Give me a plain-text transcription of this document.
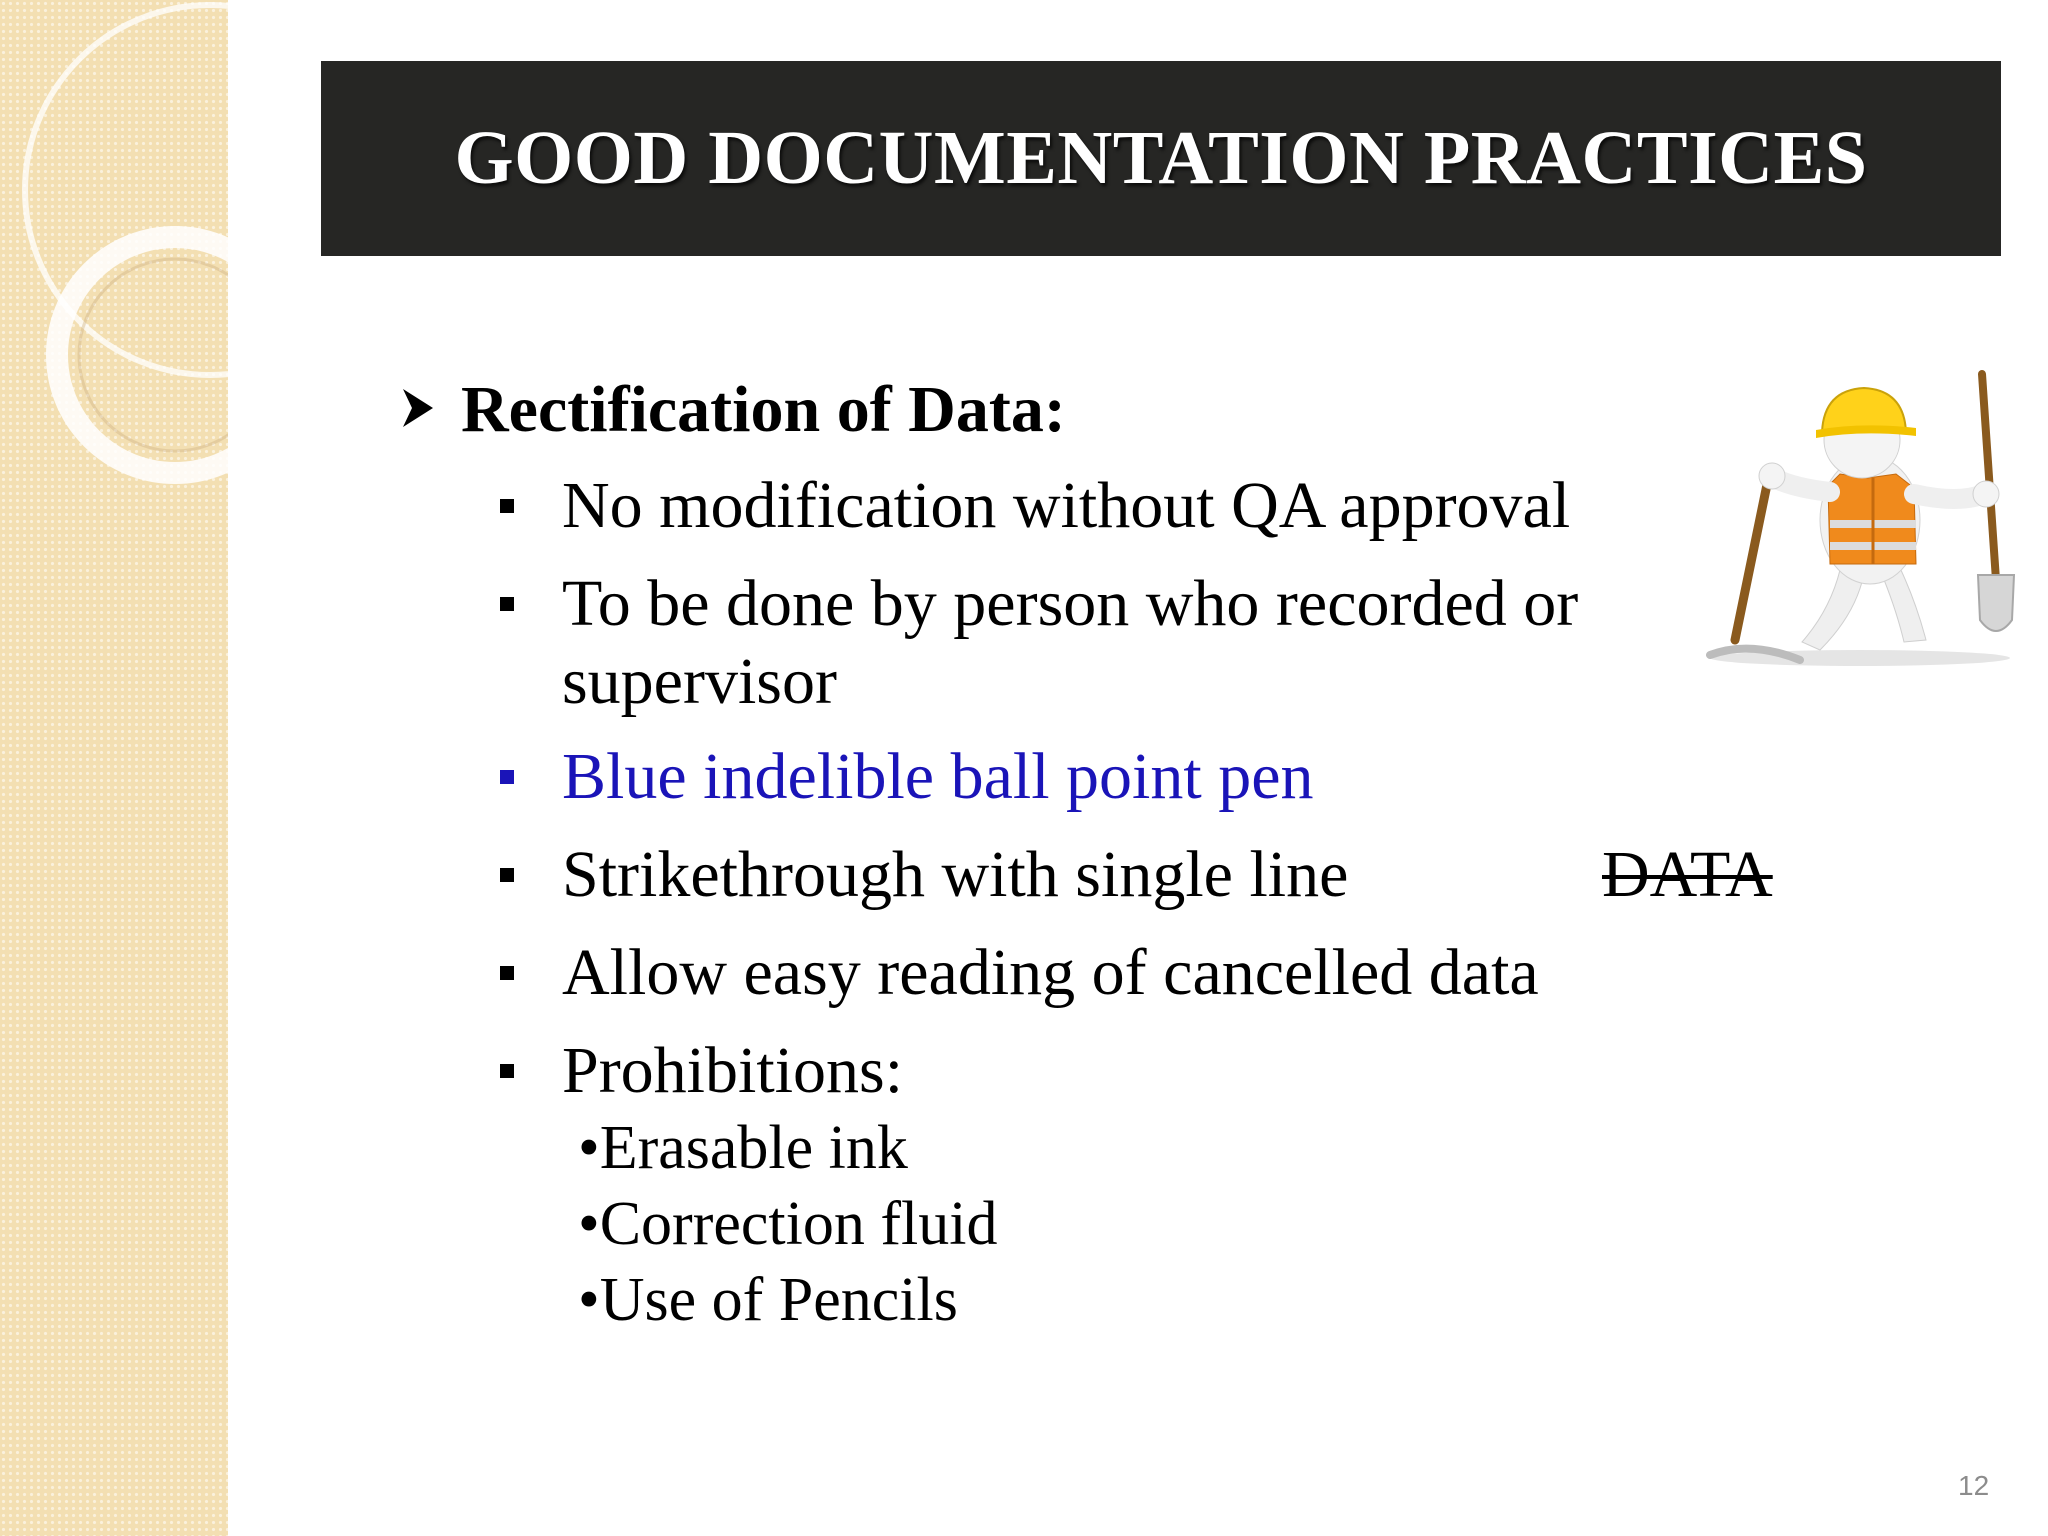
GOOD DOCUMENTATION PRACTICES
Rectification of Data:
No modification without QA approval
To be done by person who recorded or
supervisor
Blue indelible ball point pen
Strikethrough with single line	DATA
Allow easy reading of cancelled data
Prohibitions:
•Erasable ink
•Correction fluid
•Use of Pencils
12
